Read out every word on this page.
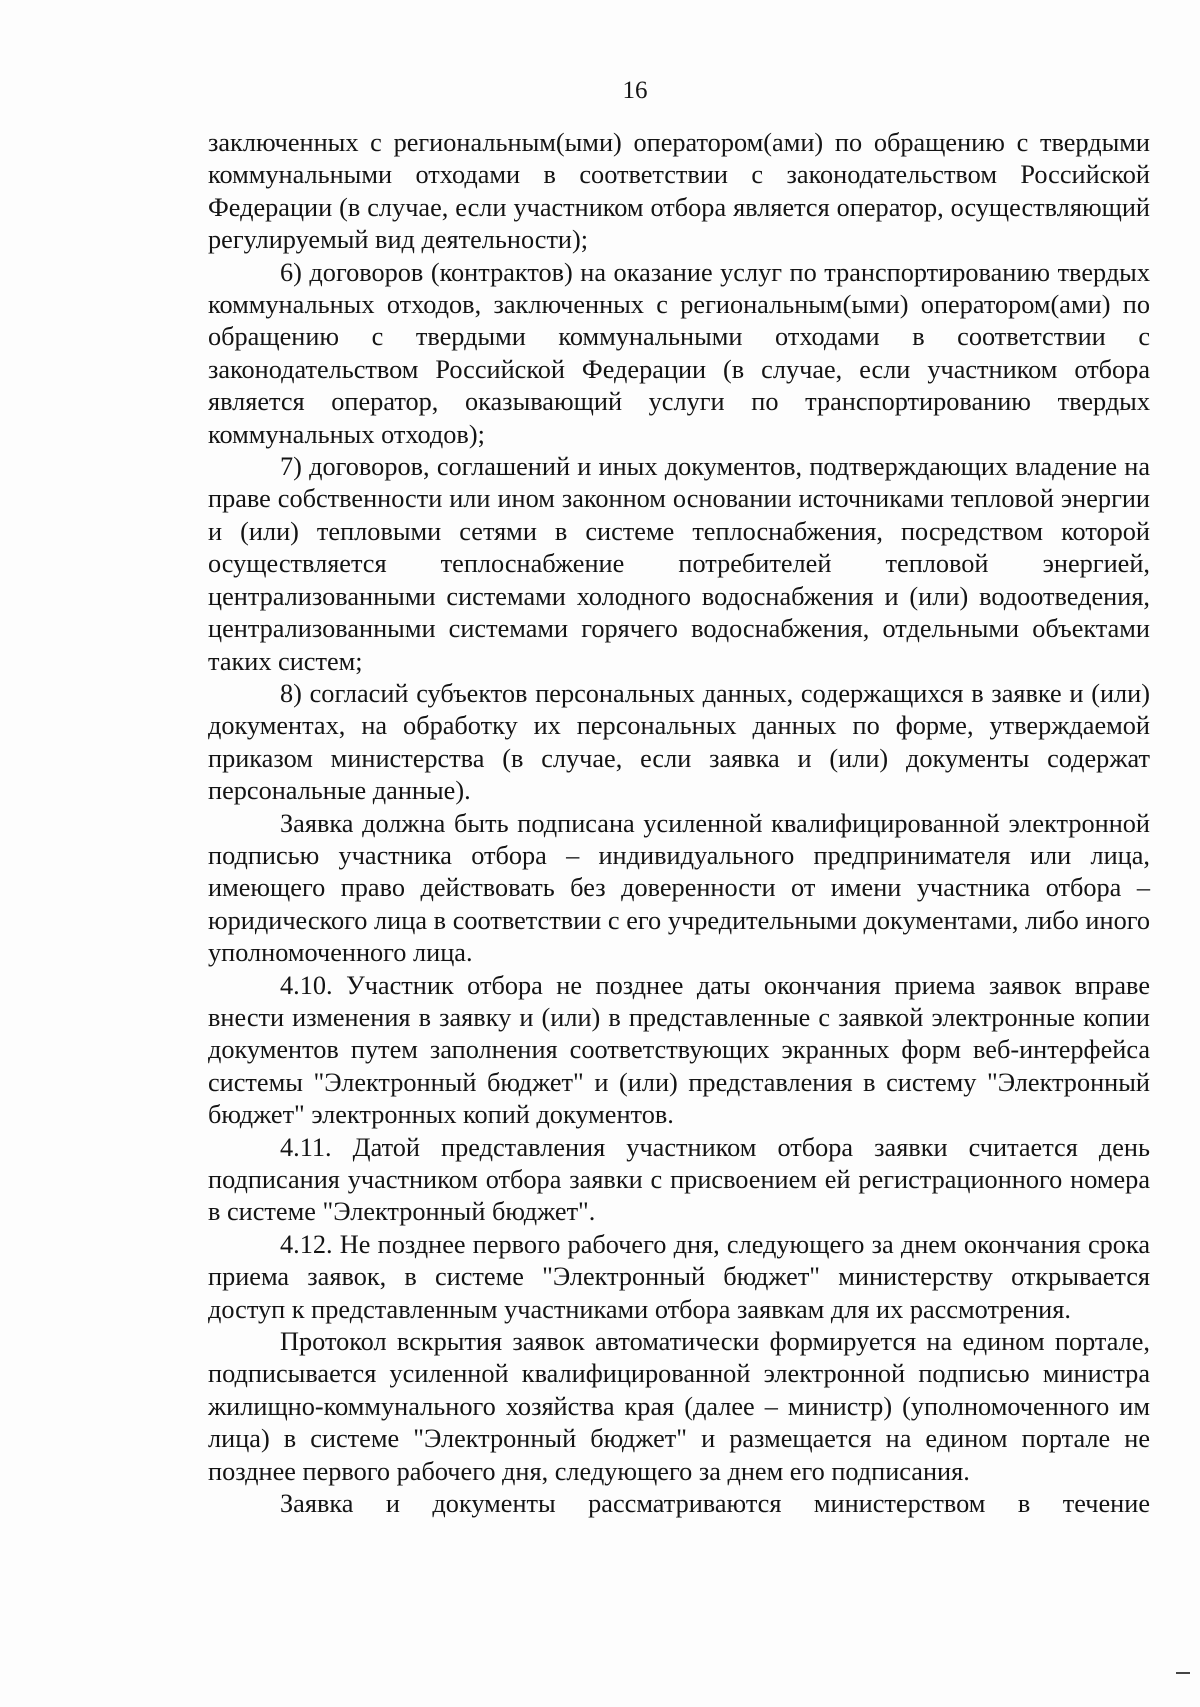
16

заключенных с региональным(ыми) оператором(ами) по обращению с твердыми коммунальными отходами в соответствии с законодательством Российской Федерации (в случае, если участником отбора является оператор, осуществляющий регулируемый вид деятельности);

6) договоров (контрактов) на оказание услуг по транспортированию твердых коммунальных отходов, заключенных с региональным(ыми) оператором(ами) по обращению с твердыми коммунальными отходами в соответствии с законодательством Российской Федерации (в случае, если участником отбора является оператор, оказывающий услуги по транспортированию твердых коммунальных отходов);

7) договоров, соглашений и иных документов, подтверждающих владение на праве собственности или ином законном основании источниками тепловой энергии и (или) тепловыми сетями в системе теплоснабжения, посредством которой осуществляется теплоснабжение потребителей тепловой энергией, централизованными системами холодного водоснабжения и (или) водоотведения, централизованными системами горячего водоснабжения, отдельными объектами таких систем;

8) согласий субъектов персональных данных, содержащихся в заявке и (или) документах, на обработку их персональных данных по форме, утверждаемой приказом министерства (в случае, если заявка и (или) документы содержат персональные данные).

Заявка должна быть подписана усиленной квалифицированной электронной подписью участника отбора – индивидуального предпринимателя или лица, имеющего право действовать без доверенности от имени участника отбора – юридического лица в соответствии с его учредительными документами, либо иного уполномоченного лица.

4.10. Участник отбора не позднее даты окончания приема заявок вправе внести изменения в заявку и (или) в представленные с заявкой электронные копии документов путем заполнения соответствующих экранных форм веб-интерфейса системы "Электронный бюджет" и (или) представления в систему "Электронный бюджет" электронных копий документов.

4.11. Датой представления участником отбора заявки считается день подписания участником отбора заявки с присвоением ей регистрационного номера в системе "Электронный бюджет".

4.12. Не позднее первого рабочего дня, следующего за днем окончания срока приема заявок, в системе "Электронный бюджет" министерству открывается доступ к представленным участниками отбора заявкам для их рассмотрения.

Протокол вскрытия заявок автоматически формируется на едином портале, подписывается усиленной квалифицированной электронной подписью министра жилищно-коммунального хозяйства края (далее – министр) (уполномоченного им лица) в системе "Электронный бюджет" и размещается на едином портале не позднее первого рабочего дня, следующего за днем его подписания.

Заявка и документы рассматриваются министерством в течение
